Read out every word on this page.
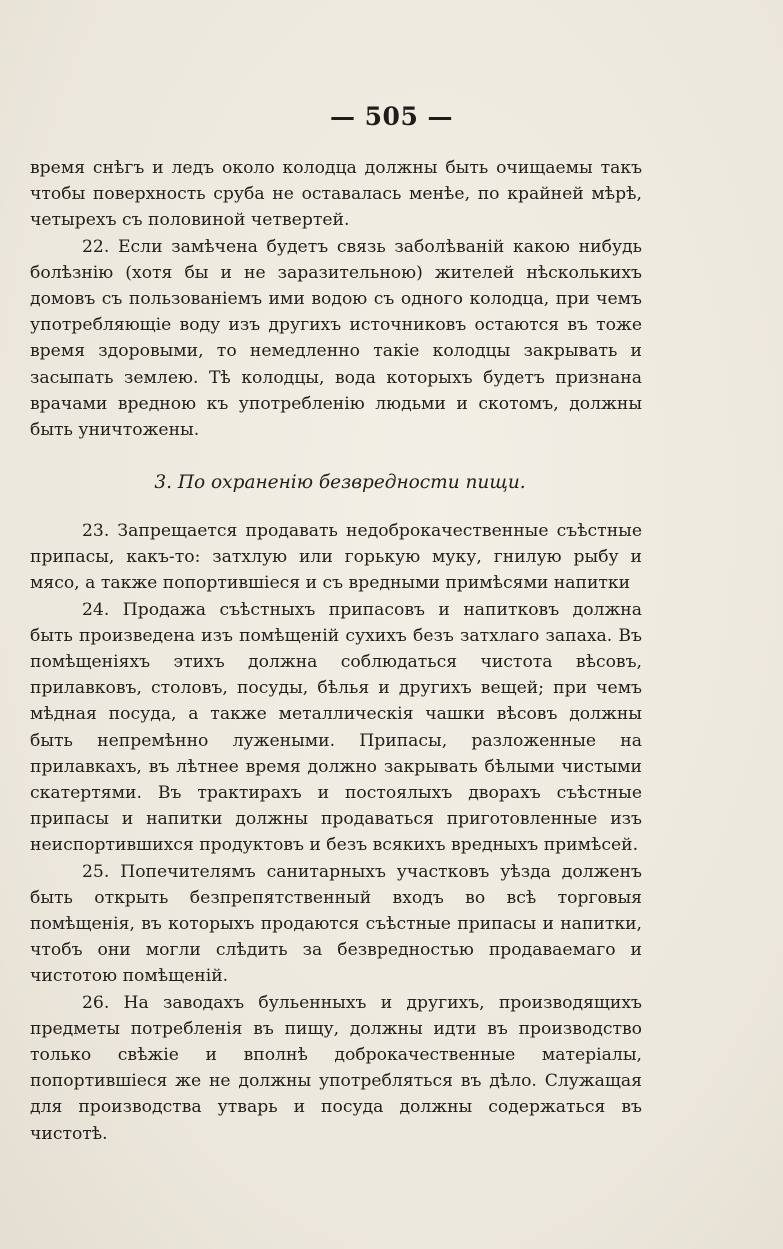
— 505 —

время снѣгъ и ледъ около колодца должны быть очищаемы такъ чтобы поверхность сруба не оставалась менѣе, по крайней мѣрѣ, четырехъ съ половиной четвертей.

22. Если замѣчена будетъ связь заболѣваній какою нибудь болѣзнію (хотя бы и не заразительною) жителей нѣсколькихъ домовъ съ пользованіемъ ими водою съ одного колодца, при чемъ употребляющіе воду изъ другихъ источниковъ остаются въ тоже время здоровыми, то немедленно такіе колодцы закрывать и засыпать землею. Тѣ колодцы, вода которыхъ будетъ признана врачами вредною къ употребленію людьми и скотомъ, должны быть уничтожены.

3. По охраненію безвредности пищи.

23. Запрещается продавать недоброкачественные съѣстные припасы, какъ-то: затхлую или горькую муку, гнилую рыбу и мясо, а также попортившіеся и съ вредными примѣсями напитки

24. Продажа съѣстныхъ припасовъ и напитковъ должна быть произведена изъ помѣщеній сухихъ безъ затхлаго запаха. Въ помѣщеніяхъ этихъ должна соблюдаться чистота вѣсовъ, прилавковъ, столовъ, посуды, бѣлья и другихъ вещей; при чемъ мѣдная посуда, а также металлическія чашки вѣсовъ должны быть непремѣнно лужеными. Припасы, разложенные на прилавкахъ, въ лѣтнее время должно закрывать бѣлыми чистыми скатертями. Въ трактирахъ и постоялыхъ дворахъ съѣстные припасы и напитки должны продаваться приготовленные изъ неиспортившихся продуктовъ и безъ всякихъ вредныхъ примѣсей.

25. Попечителямъ санитарныхъ участковъ уѣзда долженъ быть открыть безпрепятственный входъ во всѣ торговыя помѣщенія, въ которыхъ продаются съѣстные припасы и напитки, чтобъ они могли слѣдить за безвредностью продаваемаго и чистотою помѣщеній.

26. На заводахъ бульенныхъ и другихъ, производящихъ предметы потребленія въ пищу, должны идти въ производство только свѣжіе и вполнѣ доброкачественные матеріалы, попортившіеся же не должны употребляться въ дѣло. Служащая для производства утварь и посуда должны содержаться въ чистотѣ.
